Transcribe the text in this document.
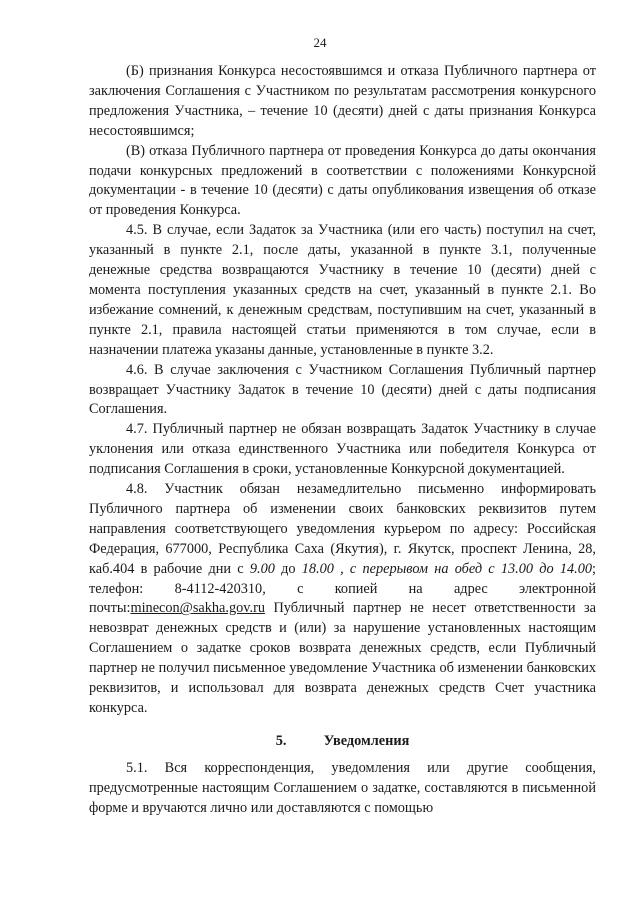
24

(Б) признания Конкурса несостоявшимся и отказа Публичного партнера от заключения Соглашения с Участником по результатам рассмотрения конкурсного предложения Участника, – течение 10 (десяти) дней с даты признания Конкурса несостоявшимся;

(В) отказа Публичного партнера от проведения Конкурса до даты окончания подачи конкурсных предложений в соответствии с положениями Конкурсной документации - в течение 10 (десяти) с даты опубликования извещения об отказе от проведения Конкурса.

4.5. В случае, если Задаток за Участника (или его часть) поступил на счет, указанный в пункте 2.1, после даты, указанной в пункте 3.1, полученные денежные средства возвращаются Участнику в течение 10 (десяти) дней с момента поступления указанных средств на счет, указанный в пункте 2.1. Во избежание сомнений, к денежным средствам, поступившим на счет, указанный в пункте 2.1, правила настоящей статьи применяются в том случае, если в назначении платежа указаны данные, установленные в пункте 3.2.

4.6. В случае заключения с Участником Соглашения Публичный партнер возвращает Участнику Задаток в течение 10 (десяти) дней с даты подписания Соглашения.

4.7. Публичный партнер не обязан возвращать Задаток Участнику в случае уклонения или отказа единственного Участника или победителя Конкурса от подписания Соглашения в сроки, установленные Конкурсной документацией.

4.8. Участник обязан незамедлительно письменно информировать Публичного партнера об изменении своих банковских реквизитов путем направления соответствующего уведомления курьером по адресу: Российская Федерация, 677000, Республика Саха (Якутия), г. Якутск, проспект Ленина, 28, каб.404 в рабочие дни с 9.00 до 18.00 , с перерывом на обед с 13.00 до 14.00; телефон: 8-4112-420310, с копией на адрес электронной почты:minecon@sakha.gov.ru Публичный партнер не несет ответственности за невозврат денежных средств и (или) за нарушение установленных настоящим Соглашением о задатке сроков возврата денежных средств, если Публичный партнер не получил письменное уведомление Участника об изменении банковских реквизитов, и использовал для возврата денежных средств Счет участника конкурса.

5.	Уведомления

5.1. Вся корреспонденция, уведомления или другие сообщения, предусмотренные настоящим Соглашением о задатке, составляются в письменной форме и вручаются лично или доставляются с помощью
